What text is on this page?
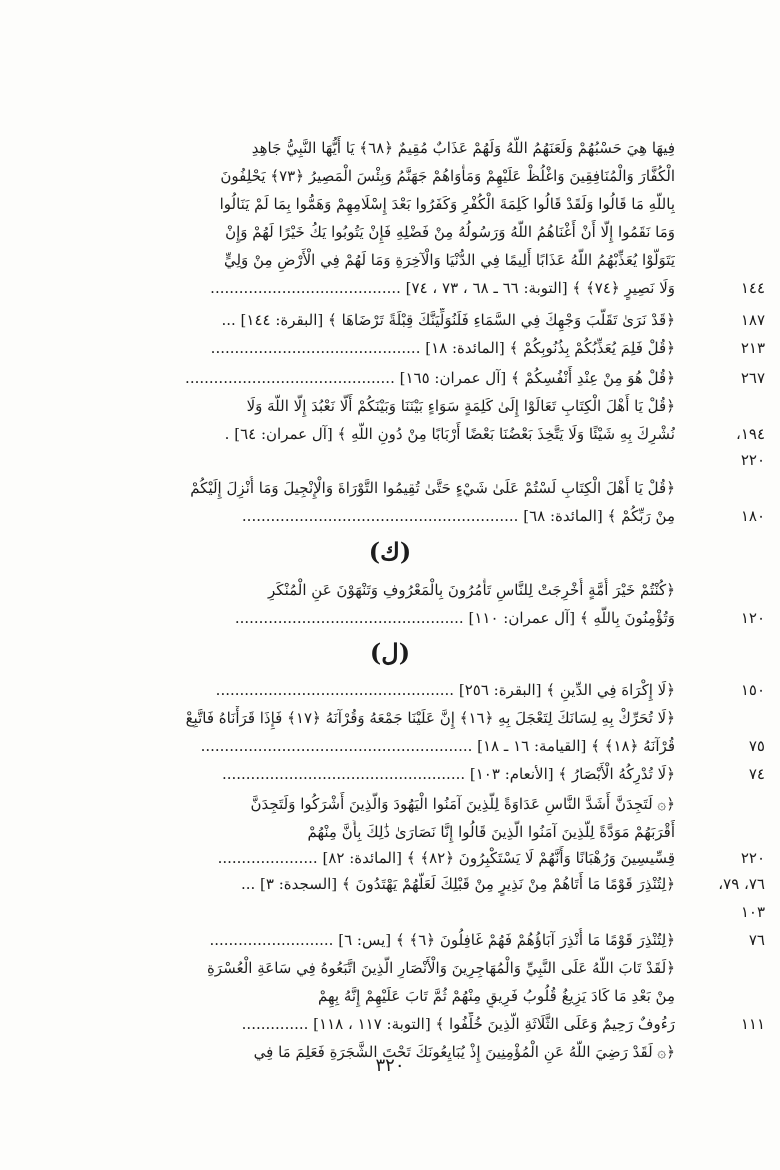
فِيهَا هِيَ حَسْبُهُمْ وَلَعَنَهُمُ اللَّهُ وَلَهُمْ عَذَابٌ مُقِيمٌ ﴿٦٨﴾ يَا أَيُّهَا النَّبِيُّ جَاهِدِ
الْكُفَّارَ وَالْمُنَافِقِينَ وَاغْلُظْ عَلَيْهِمْ وَمَأْوَاهُمْ جَهَنَّمُ وَبِئْسَ الْمَصِيرُ ﴿٧٣﴾ يَحْلِفُونَ
بِاللَّهِ مَا قَالُوا وَلَقَدْ قَالُوا كَلِمَةَ الْكُفْرِ وَكَفَرُوا بَعْدَ إِسْلَامِهِمْ وَهَمُّوا بِمَا لَمْ يَنَالُوا
وَمَا نَقَمُوا إِلَّا أَنْ أَغْنَاهُمُ اللَّهُ وَرَسُولُهُ مِنْ فَضْلِهِ فَإِنْ يَتُوبُوا يَكُ خَيْرًا لَهُمْ وَإِنْ
يَتَوَلَّوْا يُعَذِّبْهُمُ اللَّهُ عَذَابًا أَلِيمًا فِي الدُّنْيَا وَالْآخِرَةِ وَمَا لَهُمْ فِي الْأَرْضِ مِنْ وَلِيٍّ
وَلَا نَصِيرٍ ﴿٧٤﴾ ﴾ [التوبة: ٦٦ ـ ٦٨ ، ٧٣ ، ٧٤] ........................................	١٤٤
﴿قَدْ نَرَىٰ تَقَلُّبَ وَجْهِكَ فِي السَّمَاءِ فَلَنُوَلِّيَنَّكَ قِبْلَةً تَرْضَاهَا ﴾ [البقرة: ١٤٤] ...	١٨٧
﴿قُلْ فَلِمَ يُعَذِّبُكُمْ بِذُنُوبِكُمْ ﴾ [المائدة: ١٨] ............................................	٢١٣
﴿قُلْ هُوَ مِنْ عِنْدِ أَنْفُسِكُمْ ﴾ [آل عمران: ١٦٥] ............................................	٢٦٧
﴿قُلْ يَا أَهْلَ الْكِتَابِ تَعَالَوْا إِلَىٰ كَلِمَةٍ سَوَاءٍ بَيْنَنَا وَبَيْنَكُمْ أَلَّا نَعْبُدَ إِلَّا اللَّهَ وَلَا
نُشْرِكَ بِهِ شَيْئًا وَلَا يَتَّخِذَ بَعْضُنَا بَعْضًا أَرْبَابًا مِنْ دُونِ اللَّهِ ﴾ [آل عمران: ٦٤] .	١٩٤،
٢٢٠
﴿قُلْ يَا أَهْلَ الْكِتَابِ لَسْتُمْ عَلَىٰ شَيْءٍ حَتَّىٰ تُقِيمُوا التَّوْرَاةَ وَالْإِنْجِيلَ وَمَا أُنْزِلَ إِلَيْكُمْ
مِنْ رَبِّكُمْ ﴾ [المائدة: ٦٨] ..........................................................	١٨٠
(ك)
﴿كُنْتُمْ خَيْرَ أُمَّةٍ أُخْرِجَتْ لِلنَّاسِ تَأْمُرُونَ بِالْمَعْرُوفِ وَتَنْهَوْنَ عَنِ الْمُنْكَرِ
وَتُؤْمِنُونَ بِاللَّهِ ﴾ [آل عمران: ١١٠] ................................................	١٢٠
(ل)
﴿لَا إِكْرَاهَ فِي الدِّينِ ﴾ [البقرة: ٢٥٦] ..................................................	١٥٠
﴿لَا تُحَرِّكْ بِهِ لِسَانَكَ لِتَعْجَلَ بِهِ ﴿١٦﴾ إِنَّ عَلَيْنَا جَمْعَهُ وَقُرْآنَهُ ﴿١٧﴾ فَإِذَا قَرَأْنَاهُ فَاتَّبِعْ
قُرْآنَهُ ﴿١٨﴾ ﴾ [القيامة: ١٦ ـ ١٨] .........................................................	٧٥
﴿لَا تُدْرِكُهُ الْأَبْصَارُ ﴾ [الأنعام: ١٠٣] ...................................................	٧٤
﴿۞ لَتَجِدَنَّ أَشَدَّ النَّاسِ عَدَاوَةً لِلَّذِينَ آمَنُوا الْيَهُودَ وَالَّذِينَ أَشْرَكُوا وَلَتَجِدَنَّ
أَقْرَبَهُمْ مَوَدَّةً لِلَّذِينَ آمَنُوا الَّذِينَ قَالُوا إِنَّا نَصَارَىٰ ذَٰلِكَ بِأَنَّ مِنْهُمْ
قِسِّيسِينَ وَرُهْبَانًا وَأَنَّهُمْ لَا يَسْتَكْبِرُونَ ﴿٨٢﴾ ﴾ [المائدة: ٨٢] .....................	٢٢٠
﴿لِتُنْذِرَ قَوْمًا مَا أَتَاهُمْ مِنْ نَذِيرٍ مِنْ قَبْلِكَ لَعَلَّهُمْ يَهْتَدُونَ ﴾ [السجدة: ٣] ...	٧٦، ٧٩،
١٠٣
﴿لِتُنْذِرَ قَوْمًا مَا أُنْذِرَ آبَاؤُهُمْ فَهُمْ غَافِلُونَ ﴿٦﴾ ﴾ [يس: ٦] ..........................	٧٦
﴿لَقَدْ تَابَ اللَّهُ عَلَى النَّبِيِّ وَالْمُهَاجِرِينَ وَالْأَنْصَارِ الَّذِينَ اتَّبَعُوهُ فِي سَاعَةِ الْعُسْرَةِ
مِنْ بَعْدِ مَا كَادَ يَزِيغُ قُلُوبُ فَرِيقٍ مِنْهُمْ ثُمَّ تَابَ عَلَيْهِمْ إِنَّهُ بِهِمْ
رَءُوفٌ رَحِيمٌ وَعَلَى الثَّلَاثَةِ الَّذِينَ خُلِّفُوا ﴾ [التوبة: ١١٧ ، ١١٨] ..............	١١١
﴿۞ لَقَدْ رَضِيَ اللَّهُ عَنِ الْمُؤْمِنِينَ إِذْ يُبَايِعُونَكَ تَحْتَ الشَّجَرَةِ فَعَلِمَ مَا فِي
٣٢٠
